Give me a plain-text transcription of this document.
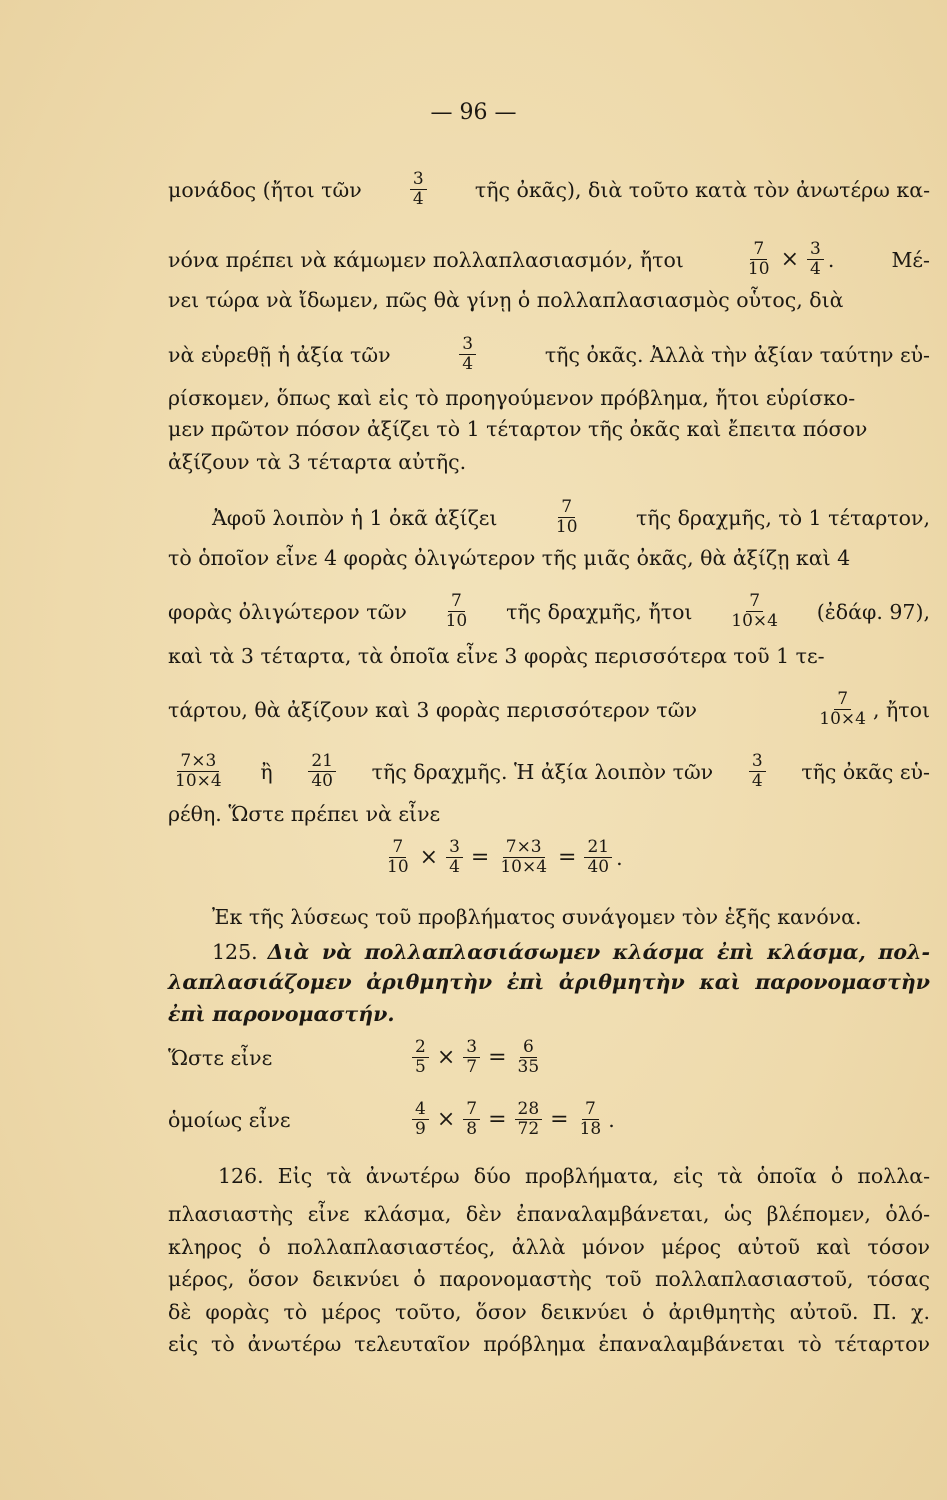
— 96 —
μονάδος (ἤτοι τῶν	$\frac{3}{4}$ τῆς ὀκᾶς), διὰ τοῦτο κατὰ τὸν ἀνωτέρω κα-
νόνα πρέπει νὰ κάμωμεν πολλαπλασιασμόν, ἤτοι	$\frac{7}{10} \times \frac{3}{4}$ .	Μέ-
νει τώρα νὰ ἴδωμεν, πῶς θὰ γίνῃ ὁ πολλαπλασιασμὸς οὗτος, διὰ
νὰ εὑρεθῇ ἡ ἀξία τῶν	$\frac{3}{4}$	τῆς ὀκᾶς. Ἀλλὰ τὴν ἀξίαν ταύτην εὑ-
ρίσκομεν, ὅπως καὶ εἰς τὸ προηγούμενον πρόβλημα, ἤτοι εὑρίσκο-
μεν πρῶτον πόσον ἀξίζει τὸ 1 τέταρτον τῆς ὀκᾶς καὶ ἔπειτα πόσον
ἀξίζουν τὰ 3 τέταρτα αὐτῆς.
Ἀφοῦ λοιπὸν ἡ 1 ὀκᾶ ἀξίζει	$\frac{7}{10}$	τῆς δραχμῆς, τὸ 1 τέταρτον,
τὸ ὁποῖον εἶνε 4 φορὰς ὀλιγώτερον τῆς μιᾶς ὀκᾶς, θὰ ἀξίζῃ καὶ 4
φορὰς ὀλιγώτερον τῶν $\frac{7}{10}$ τῆς δραχμῆς, ἤτοι $\frac{7}{10\times 4}$ (ἐδάφ. 97),
καὶ τὰ 3 τέταρτα, τὰ ὁποῖα εἶνε 3 φορὰς περισσότερα τοῦ 1 τε-
τάρτου, θὰ ἀξίζουν καὶ 3 φορὰς περισσότερον τῶν	$\frac{7}{10\times 4}$ , ἤτοι
$\frac{7\times 3}{10\times 4}$ ἢ $\frac{21}{40}$ τῆς δραχμῆς. Ἡ ἀξία λοιπὸν τῶν $\frac{3}{4}$ τῆς ὀκᾶς εὑ-
ρέθη. Ὥστε πρέπει νὰ εἶνε
$\frac{7}{10} \times \frac{3}{4} = \frac{7\times 3}{10\times 4} = \frac{21}{40}$ .
Ἐκ τῆς λύσεως τοῦ προβλήματος συνάγομεν τὸν ἑξῆς κανόνα.
125. Διὰ νὰ πολλαπλασιάσωμεν κλάσμα ἐπὶ κλάσμα, πολ-
λαπλασιάζομεν ἀριθμητὴν ἐπὶ ἀριθμητὴν καὶ παρονομαστὴν
ἐπὶ παρονομαστήν.
Ὥστε εἶνε	$\frac{2}{5} \times \frac{3}{7} = \frac{6}{35}$
ὁμοίως εἶνε	$\frac{4}{9} \times \frac{7}{8} = \frac{28}{72} = \frac{7}{18}$ .
126. Εἰς τὰ ἀνωτέρω δύο προβλήματα, εἰς τὰ ὁποῖα ὁ πολλα-
πλασιαστὴς εἶνε κλάσμα, δὲν ἐπαναλαμβάνεται, ὡς βλέπομεν, ὁλό-
κληρος ὁ πολλαπλασιαστέος, ἀλλὰ μόνον μέρος αὐτοῦ καὶ τόσον
μέρος, ὅσον δεικνύει ὁ παρονομαστὴς τοῦ πολλαπλασιαστοῦ, τόσας
δὲ φορὰς τὸ μέρος τοῦτο, ὅσον δεικνύει ὁ ἀριθμητὴς αὐτοῦ. Π. χ.
εἰς τὸ ἀνωτέρω τελευταῖον πρόβλημα ἐπαναλαμβάνεται τὸ τέταρτον
